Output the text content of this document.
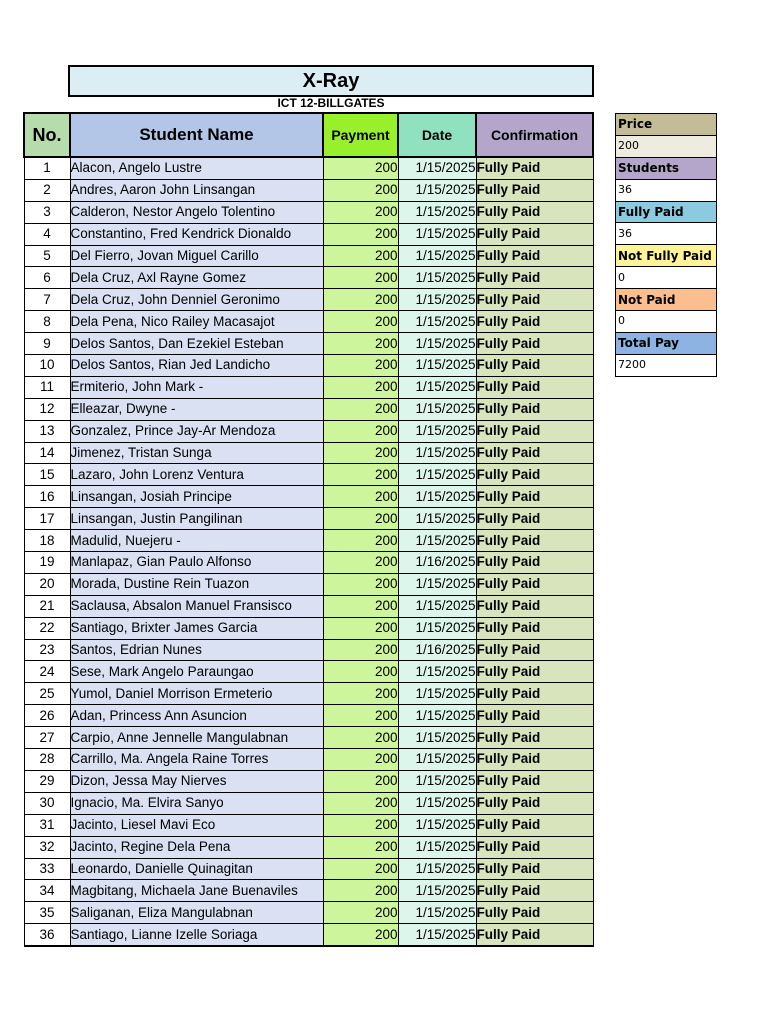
X-Ray
ICT 12-BILLGATES
No.	Student Name	Payment	Date	Confirmation
1	Alacon, Angelo Lustre	200	1/15/2025	Fully Paid
2	Andres, Aaron John Linsangan	200	1/15/2025	Fully Paid
3	Calderon, Nestor Angelo Tolentino	200	1/15/2025	Fully Paid
4	Constantino, Fred Kendrick Dionaldo	200	1/15/2025	Fully Paid
5	Del Fierro, Jovan Miguel Carillo	200	1/15/2025	Fully Paid
6	Dela Cruz, Axl Rayne Gomez	200	1/15/2025	Fully Paid
7	Dela Cruz, John Denniel Geronimo	200	1/15/2025	Fully Paid
8	Dela Pena, Nico Railey Macasajot	200	1/15/2025	Fully Paid
9	Delos Santos, Dan Ezekiel Esteban	200	1/15/2025	Fully Paid
10	Delos Santos, Rian Jed Landicho	200	1/15/2025	Fully Paid
11	Ermiterio, John Mark -	200	1/15/2025	Fully Paid
12	Elleazar, Dwyne -	200	1/15/2025	Fully Paid
13	Gonzalez, Prince Jay-Ar Mendoza	200	1/15/2025	Fully Paid
14	Jimenez, Tristan Sunga	200	1/15/2025	Fully Paid
15	Lazaro, John Lorenz Ventura	200	1/15/2025	Fully Paid
16	Linsangan, Josiah Principe	200	1/15/2025	Fully Paid
17	Linsangan, Justin Pangilinan	200	1/15/2025	Fully Paid
18	Madulid, Nuejeru -	200	1/15/2025	Fully Paid
19	Manlapaz, Gian Paulo Alfonso	200	1/16/2025	Fully Paid
20	Morada, Dustine Rein Tuazon	200	1/15/2025	Fully Paid
21	Saclausa, Absalon Manuel Fransisco	200	1/15/2025	Fully Paid
22	Santiago, Brixter James Garcia	200	1/15/2025	Fully Paid
23	Santos, Edrian Nunes	200	1/16/2025	Fully Paid
24	Sese, Mark Angelo Paraungao	200	1/15/2025	Fully Paid
25	Yumol, Daniel Morrison Ermeterio	200	1/15/2025	Fully Paid
26	Adan, Princess Ann Asuncion	200	1/15/2025	Fully Paid
27	Carpio, Anne Jennelle Mangulabnan	200	1/15/2025	Fully Paid
28	Carrillo, Ma. Angela Raine Torres	200	1/15/2025	Fully Paid
29	Dizon, Jessa May Nierves	200	1/15/2025	Fully Paid
30	Ignacio, Ma. Elvira Sanyo	200	1/15/2025	Fully Paid
31	Jacinto, Liesel Mavi Eco	200	1/15/2025	Fully Paid
32	Jacinto, Regine Dela Pena	200	1/15/2025	Fully Paid
33	Leonardo, Danielle Quinagitan	200	1/15/2025	Fully Paid
34	Magbitang, Michaela Jane Buenaviles	200	1/15/2025	Fully Paid
35	Saliganan, Eliza Mangulabnan	200	1/15/2025	Fully Paid
36	Santiago, Lianne Izelle Soriaga	200	1/15/2025	Fully Paid
Price
200
Students
36
Fully Paid
36
Not Fully Paid
0
Not Paid
0
Total Pay
7200
